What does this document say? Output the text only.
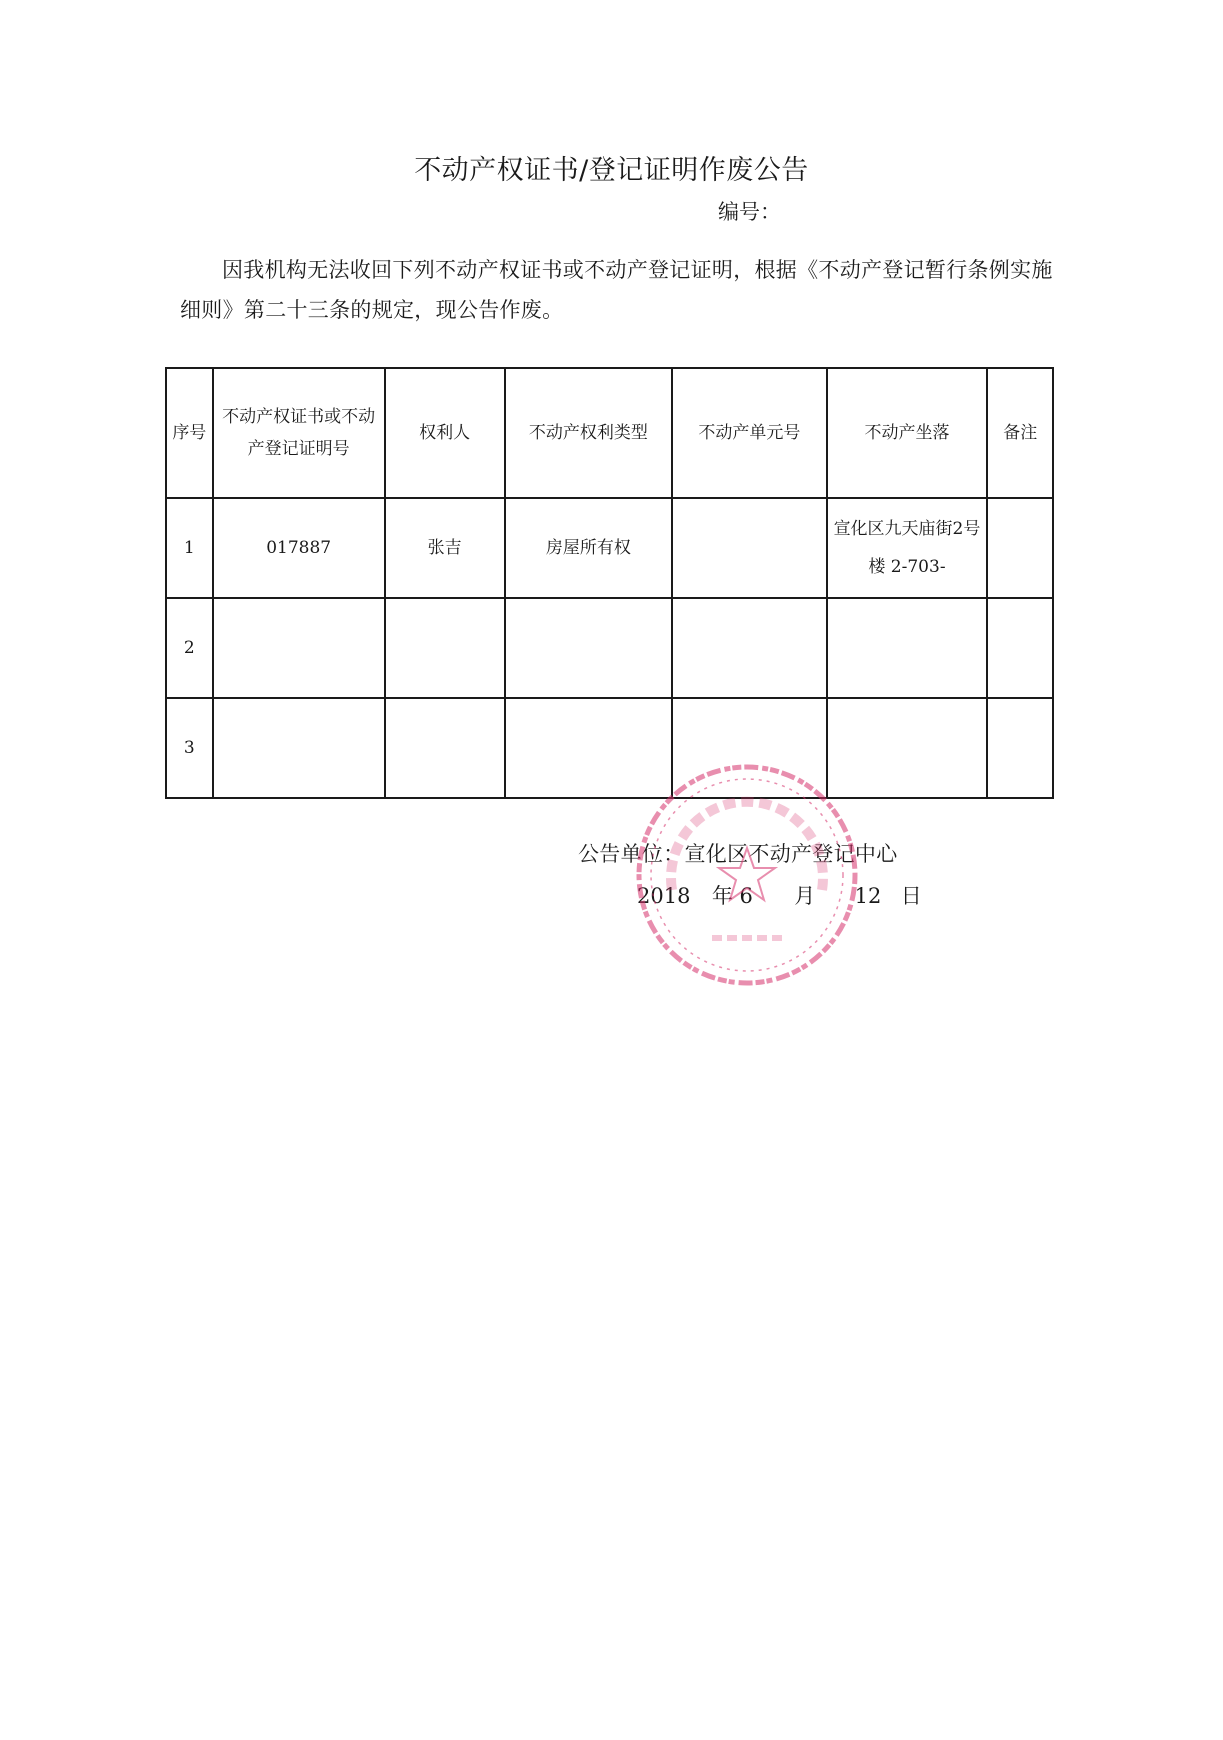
不动产权证书/登记证明作废公告
编号：
因我机构无法收回下列不动产权证书或不动产登记证明，根据《不动产登记暂行条例实施细则》第二十三条的规定，现公告作废。
序号	不动产权证书或不动产登记证明号	权利人	不动产权利类型	不动产单元号	不动产坐落	备注
1	017887	张吉	房屋所有权		宣化区九天庙街2号楼 2-703-	
2						
3						
公告单位：宣化区不动产登记中心
2018 年 6 月 12 日
